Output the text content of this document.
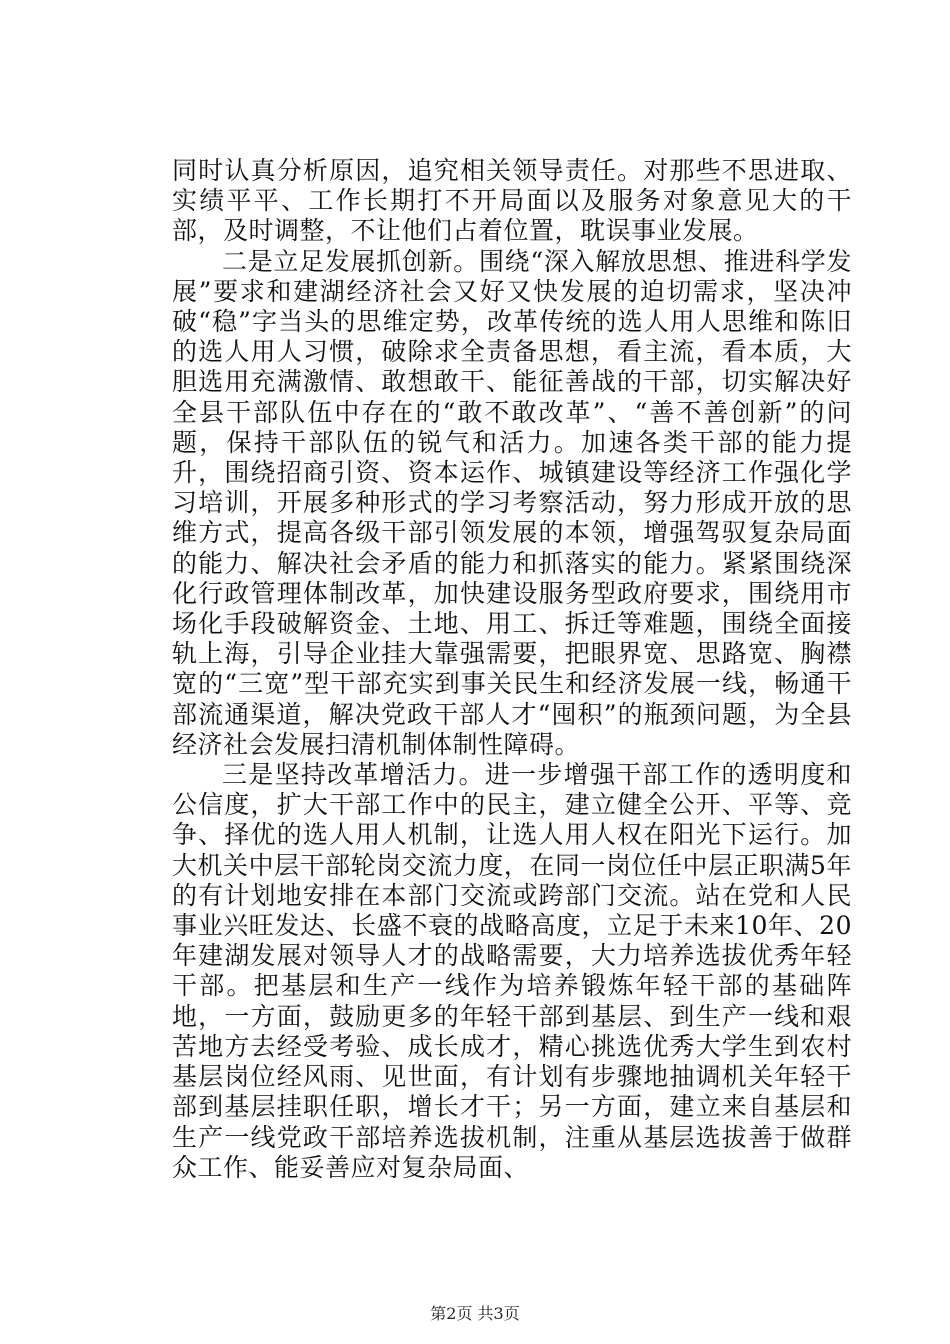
同时认真分析原因，追究相关领导责任。对那些不思进取、实绩平平、工作长期打不开局面以及服务对象意见大的干部，及时调整，不让他们占着位置，耽误事业发展。

二是立足发展抓创新。围绕“深入解放思想、推进科学发展”要求和建湖经济社会又好又快发展的迫切需求，坚决冲破“稳”字当头的思维定势，改革传统的选人用人思维和陈旧的选人用人习惯，破除求全责备思想，看主流，看本质，大胆选用充满激情、敢想敢干、能征善战的干部，切实解决好全县干部队伍中存在的“敢不敢改革”、“善不善创新”的问题，保持干部队伍的锐气和活力。加速各类干部的能力提升，围绕招商引资、资本运作、城镇建设等经济工作强化学习培训，开展多种形式的学习考察活动，努力形成开放的思维方式，提高各级干部引领发展的本领，增强驾驭复杂局面的能力、解决社会矛盾的能力和抓落实的能力。紧紧围绕深化行政管理体制改革，加快建设服务型政府要求，围绕用市场化手段破解资金、土地、用工、拆迁等难题，围绕全面接轨上海，引导企业挂大靠强需要，把眼界宽、思路宽、胸襟宽的“三宽”型干部充实到事关民生和经济发展一线，畅通干部流通渠道，解决党政干部人才“囤积”的瓶颈问题，为全县经济社会发展扫清机制体制性障碍。

三是坚持改革增活力。进一步增强干部工作的透明度和公信度，扩大干部工作中的民主，建立健全公开、平等、竞争、择优的选人用人机制，让选人用人权在阳光下运行。加大机关中层干部轮岗交流力度，在同一岗位任中层正职满5年的有计划地安排在本部门交流或跨部门交流。站在党和人民事业兴旺发达、长盛不衰的战略高度，立足于未来10年、20年建湖发展对领导人才的战略需要，大力培养选拔优秀年轻干部。把基层和生产一线作为培养锻炼年轻干部的基础阵地，一方面，鼓励更多的年轻干部到基层、到生产一线和艰苦地方去经受考验、成长成才，精心挑选优秀大学生到农村基层岗位经风雨、见世面，有计划有步骤地抽调机关年轻干部到基层挂职任职，增长才干；另一方面，建立来自基层和生产一线党政干部培养选拔机制，注重从基层选拔善于做群众工作、能妥善应对复杂局面、

第2页 共3页
